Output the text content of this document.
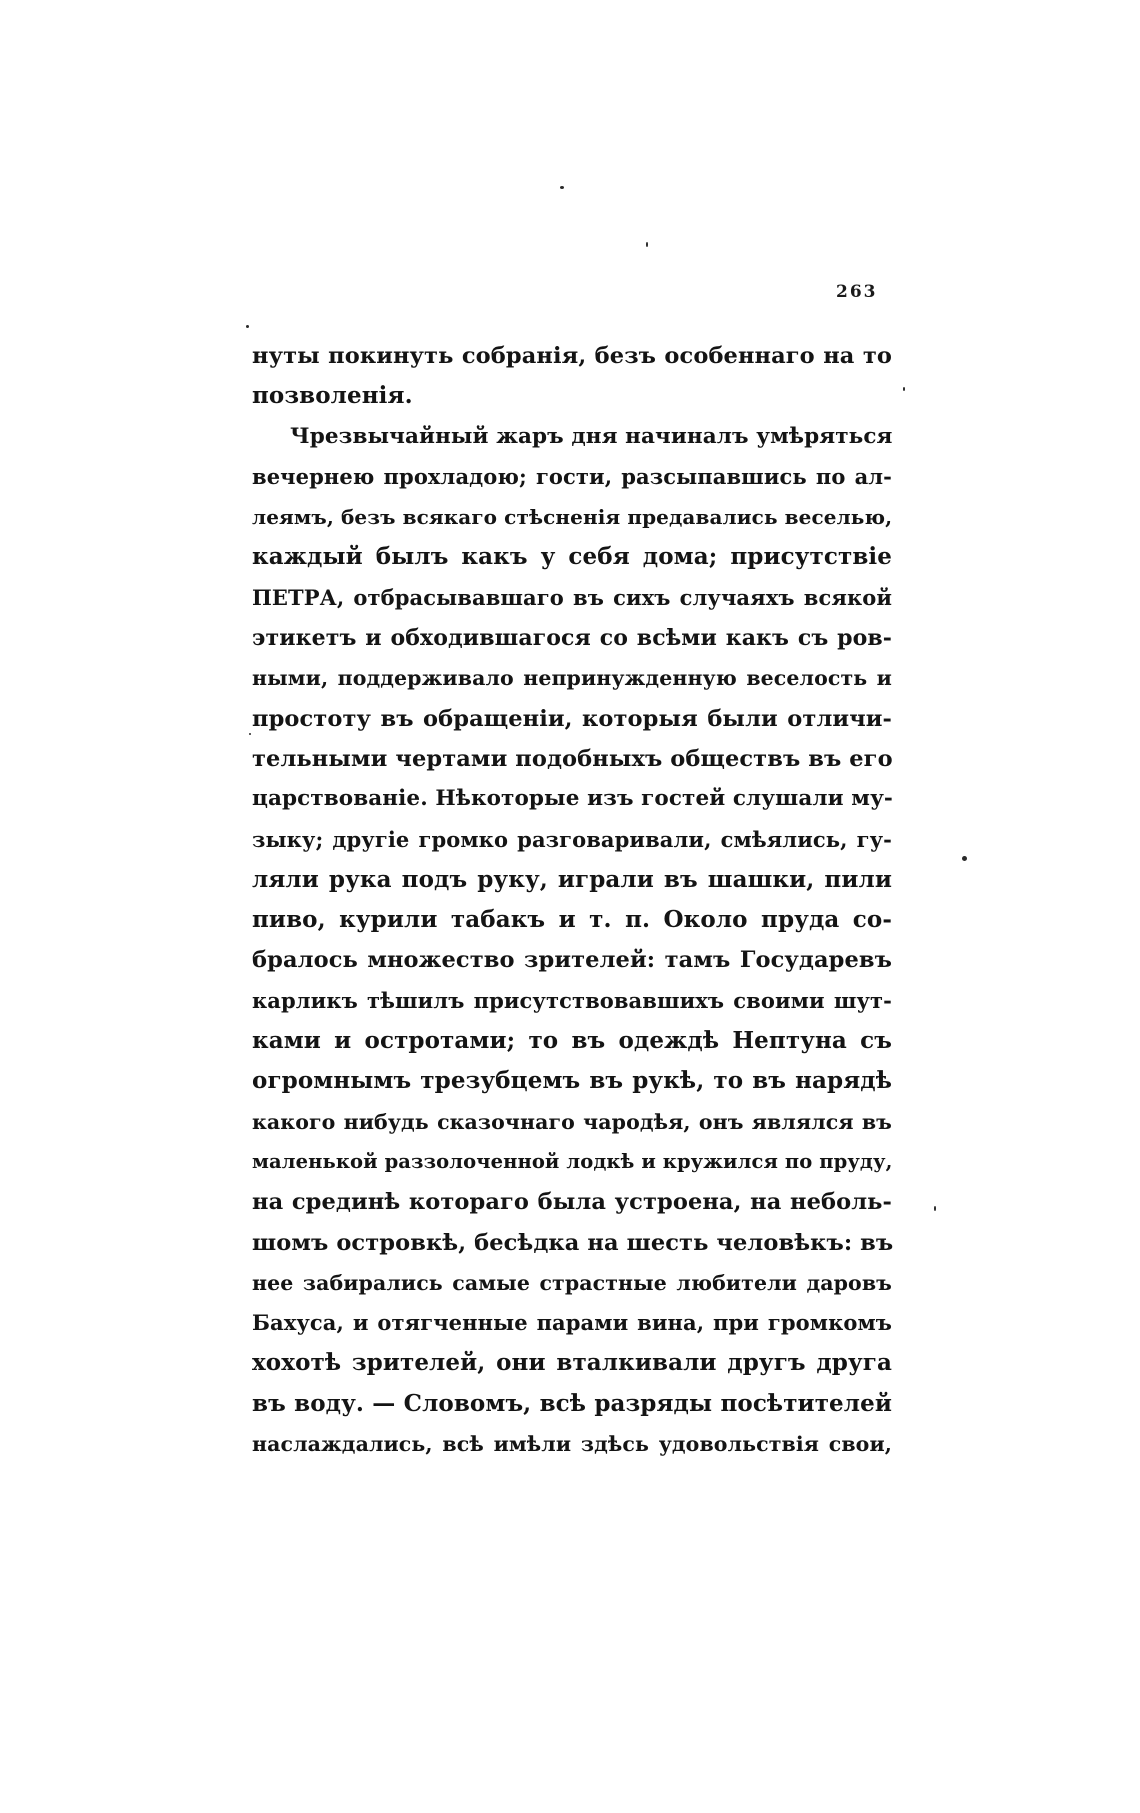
263
нуты покинуть собранія, безъ особеннаго на то
позволенія.
Чрезвычайный жаръ дня начиналъ умѣряться
вечернею прохладою; гости, разсыпавшись по ал-
леямъ, безъ всякаго стѣсненія предавались веселью,
каждый былъ какъ у себя дома; присутствіе
ПЕТРА, отбрасывавшаго въ сихъ случаяхъ всякой
этикетъ и обходившагося со всѣми какъ съ ров-
ными, поддерживало непринужденную веселость и
простоту въ обращеніи, которыя были отличи-
тельными чертами подобныхъ обществъ въ его
царствованіе. Нѣкоторые изъ гостей слушали му-
зыку; другіе громко разговаривали, смѣялись, гу-
ляли рука подъ руку, играли въ шашки, пили
пиво, курили табакъ и т. п. Около пруда со-
бралось множество зрителей: тамъ Государевъ
карликъ тѣшилъ присутствовавшихъ своими шут-
ками и остротами; то въ одеждѣ Нептуна съ
огромнымъ трезубцемъ въ рукѣ, то въ нарядѣ
какого нибудь сказочнаго чародѣя, онъ являлся въ
маленькой раззолоченной лодкѣ и кружился по пруду,
на срединѣ котораго была устроена, на неболь-
шомъ островкѣ, бесѣдка на шесть человѣкъ: въ
нее забирались самые страстные любители даровъ
Бахуса, и отягченные парами вина, при громкомъ
хохотѣ зрителей, они вталкивали другъ друга
въ воду. — Словомъ, всѣ разряды посѣтителей
наслаждались, всѣ имѣли здѣсь удовольствія свои,
